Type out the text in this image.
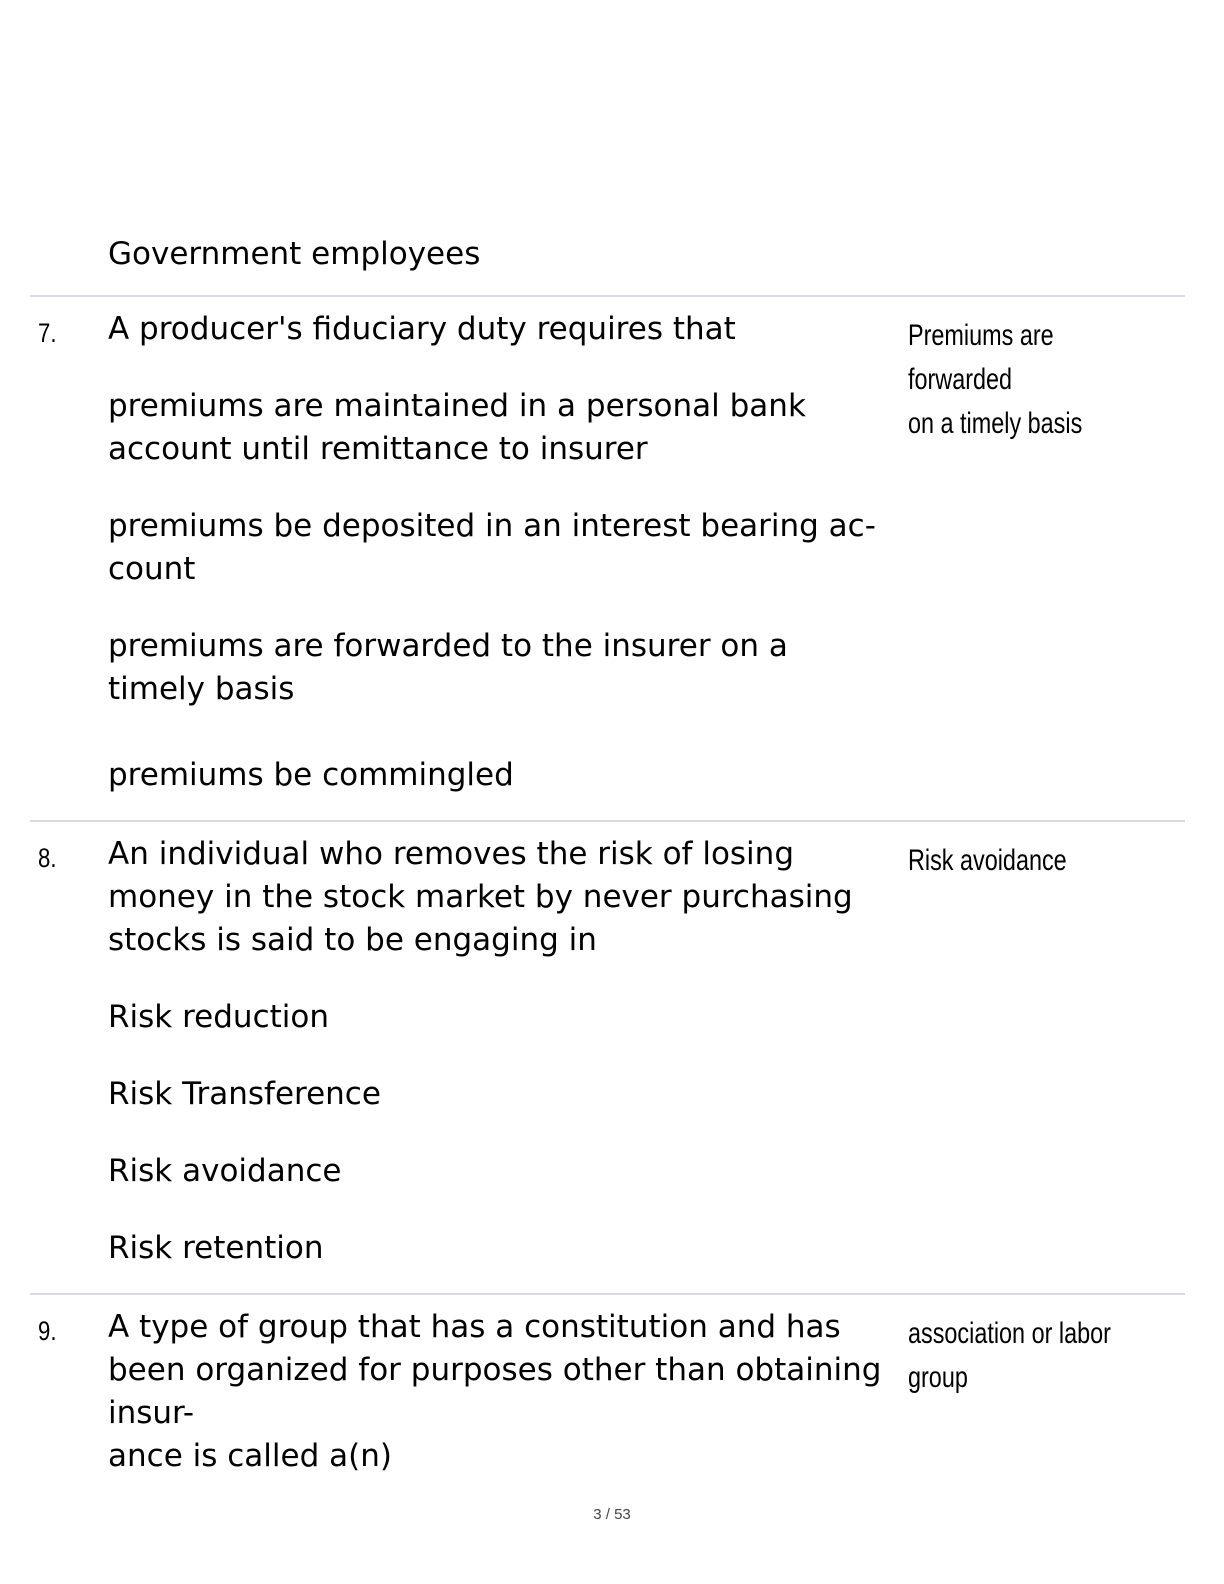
Government employees

7. A producer's fiduciary duty requires that

premiums are maintained in a personal bank account until remittance to insurer

premiums be deposited in an interest bearing ac-
count

premiums are forwarded to the insurer on a timely basis

premiums be commingled

Premiums are forwarded
on a timely basis

8. An individual who removes the risk of losing money in the stock market by never purchasing stocks is said to be engaging in

Risk reduction

Risk Transference

Risk avoidance

Risk retention

Risk avoidance

9. A type of group that has a constitution and has been organized for purposes other than obtaining insur-
ance is called a(n)

association or labor group

3 / 53
